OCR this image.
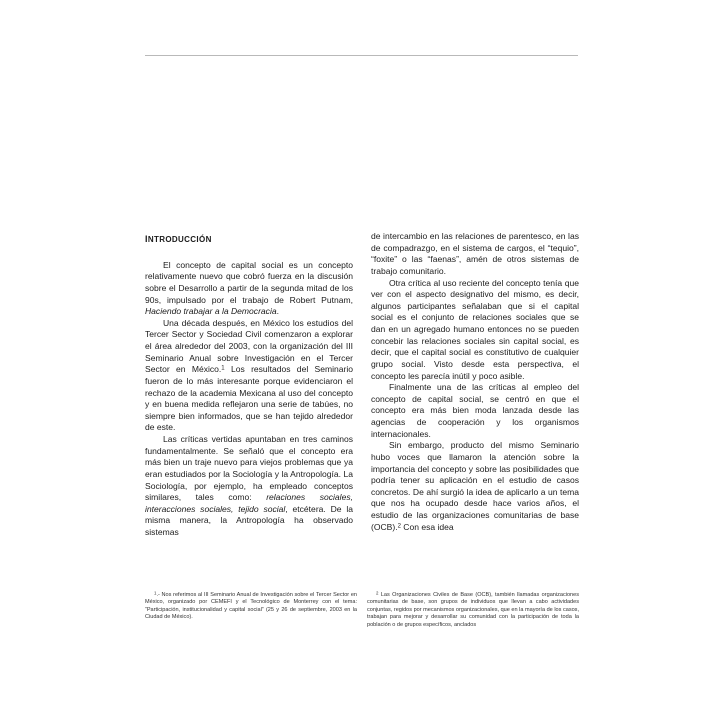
introducción

El concepto de capital social es un concepto relativamente nuevo que cobró fuerza en la discusión sobre el Desarrollo a partir de la segunda mitad de los 90s, impulsado por el trabajo de Robert Putnam, Haciendo trabajar a la Democracia.

Una década después, en México los estudios del Tercer Sector y Sociedad Civil comenzaron a explorar el área alrededor del 2003, con la organización del III Seminario Anual sobre Investigación en el Tercer Sector en México.$^1$ Los resultados del Seminario fueron de lo más interesante porque evidenciaron el rechazo de la academia Mexicana al uso del concepto y en buena medida reflejaron una serie de tabúes, no siempre bien informados, que se han tejido alrededor de este.

Las críticas vertidas apuntaban en tres caminos fundamentalmente. Se señaló que el concepto era más bien un traje nuevo para viejos problemas que ya eran estudiados por la Sociología y la Antropología. La Sociología, por ejemplo, ha empleado conceptos similares, tales como: relaciones sociales, interacciones sociales, tejido social, etcétera. De la misma manera, la Antropología ha observado sistemas

de intercambio en las relaciones de parentesco, en las de compadrazgo, en el sistema de cargos, el “tequio”, “foxite” o las “faenas”, amén de otros sistemas de trabajo comunitario.

Otra crítica al uso reciente del concepto tenía que ver con el aspecto designativo del mismo, es decir, algunos participantes señalaban que si el capital social es el conjunto de relaciones sociales que se dan en un agregado humano entonces no se pueden concebir las relaciones sociales sin capital social, es decir, que el capital social es constitutivo de cualquier grupo social. Visto desde esta perspectiva, el concepto les parecía inútil y poco asible.

Finalmente una de las críticas al empleo del concepto de capital social, se centró en que el concepto era más bien moda lanzada desde las agencias de cooperación y los organismos internacionales.

Sin embargo, producto del mismo Seminario hubo voces que llamaron la atención sobre la importancia del concepto y sobre las posibilidades que podría tener su aplicación en el estudio de casos concretos. De ahí surgió la idea de aplicarlo a un tema que nos ha ocupado desde hace varios años, el estudio de las organizaciones comunitarias de base (OCB).$^2$ Con esa idea

$^1$.- Nos referimos al III Seminario Anual de Investigación sobre el Tercer Sector en México, organizado por CEMEFI y el Tecnológico de Monterrey con el tema: “Participación, institucionalidad y capital social” (25 y 26 de septiembre, 2003 en la Ciudad de México).

$^2$ Las Organizaciones Civiles de Base (OCB), también llamadas organizaciones comunitarias de base, son grupos de individuos que llevan a cabo actividades conjuntas, regidos por mecanismos organizacionales, que en la mayoría de los casos, trabajan para mejorar y desarrollar su comunidad con la participación de toda la población o de grupos específicos, anclados
